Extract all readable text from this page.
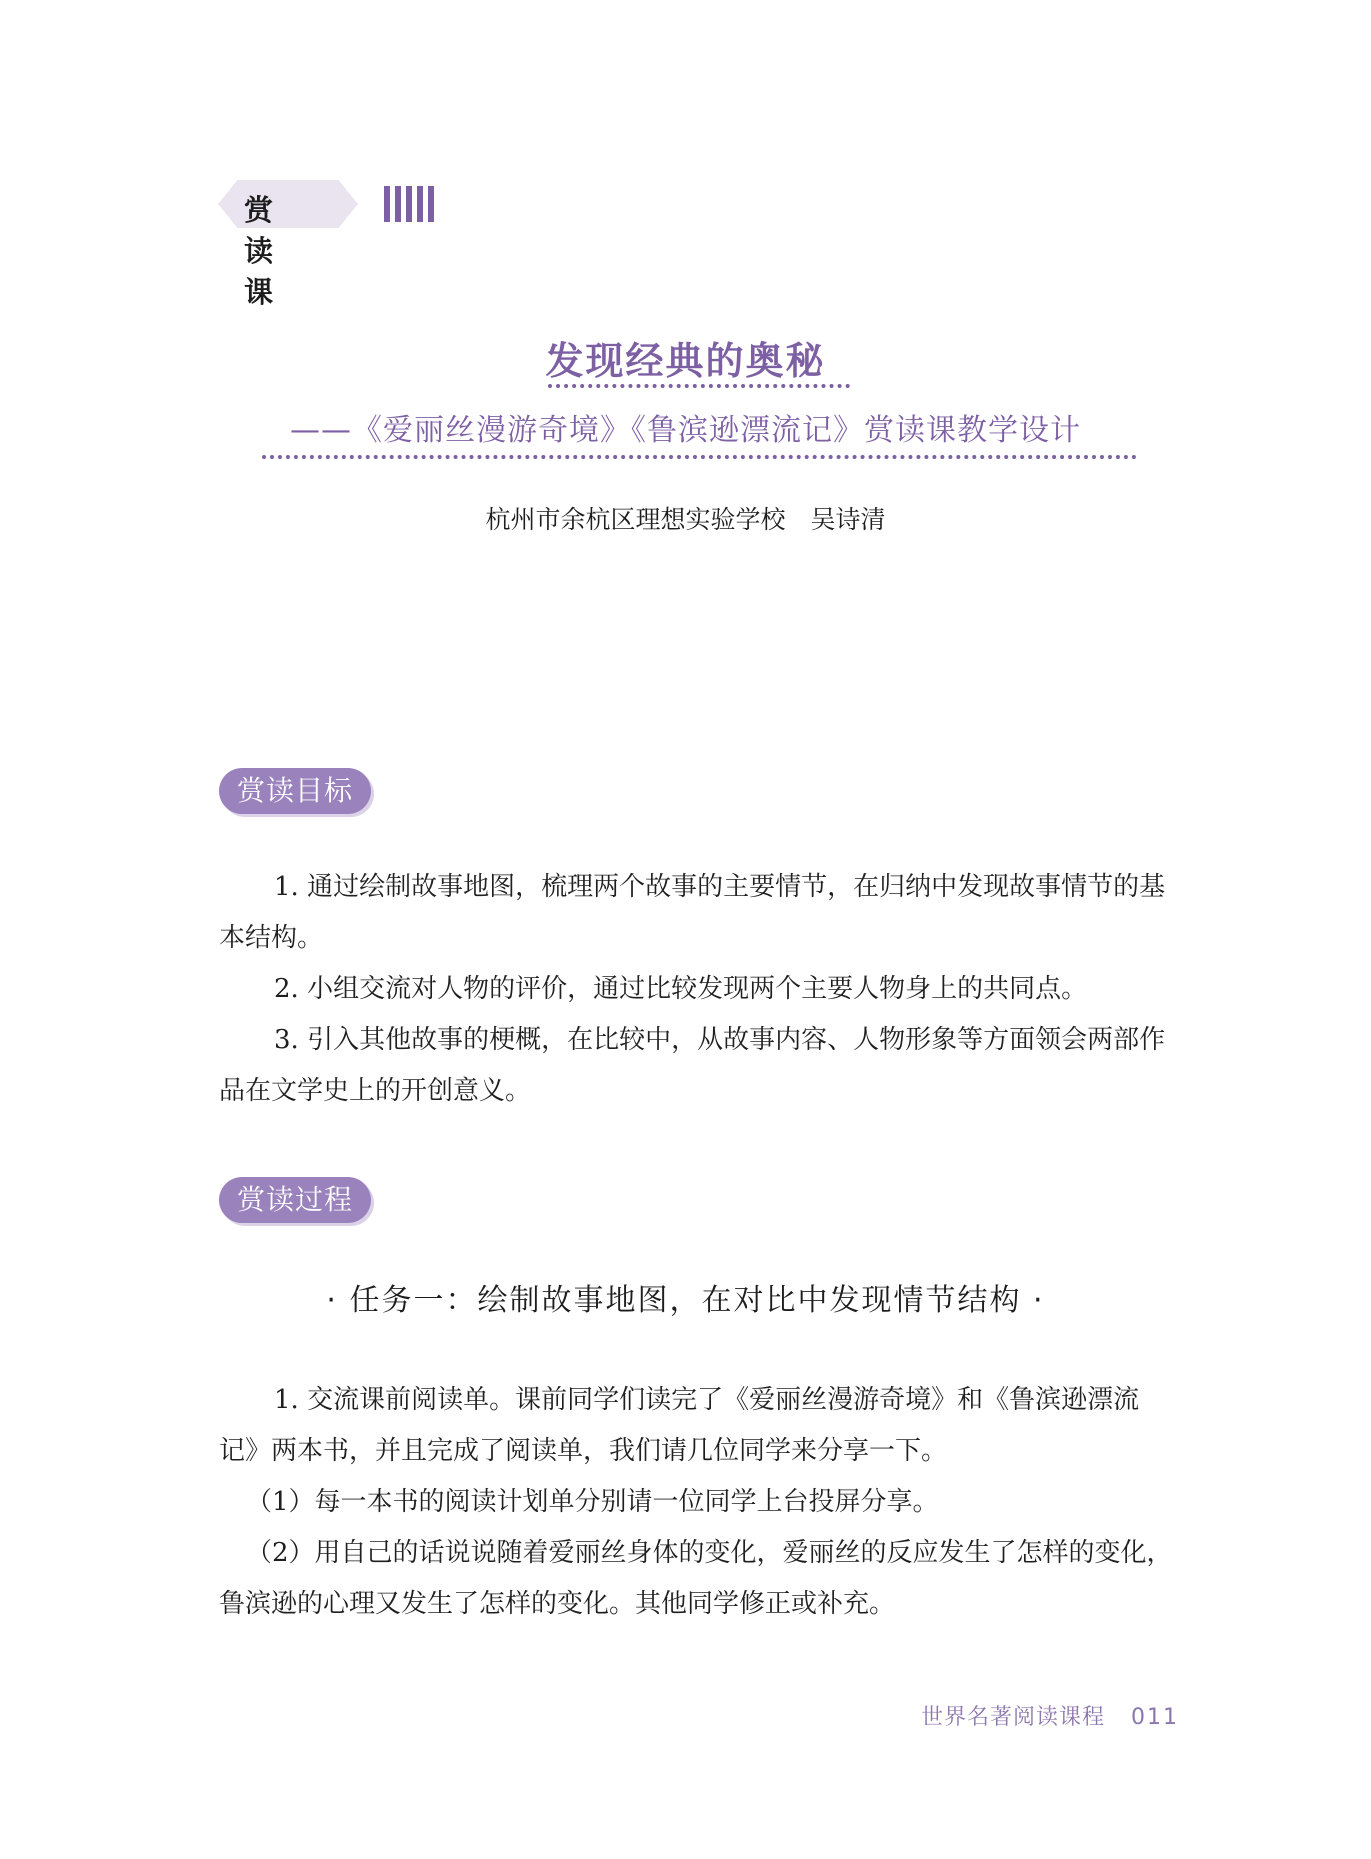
赏读课
发现经典的奥秘
——《爱丽丝漫游奇境》《鲁滨逊漂流记》赏读课教学设计
杭州市余杭区理想实验学校　吴诗清
赏读目标

1. 通过绘制故事地图，梳理两个故事的主要情节，在归纳中发现故事情节的基本结构。

2. 小组交流对人物的评价，通过比较发现两个主要人物身上的共同点。

3. 引入其他故事的梗概，在比较中，从故事内容、人物形象等方面领会两部作品在文学史上的开创意义。

赏读过程
· 任务一：绘制故事地图，在对比中发现情节结构 ·

1. 交流课前阅读单。课前同学们读完了《爱丽丝漫游奇境》和《鲁滨逊漂流记》两本书，并且完成了阅读单，我们请几位同学来分享一下。

（1）每一本书的阅读计划单分别请一位同学上台投屏分享。

（2）用自己的话说说随着爱丽丝身体的变化，爱丽丝的反应发生了怎样的变化，鲁滨逊的心理又发生了怎样的变化。其他同学修正或补充。

世界名著阅读课程 011
